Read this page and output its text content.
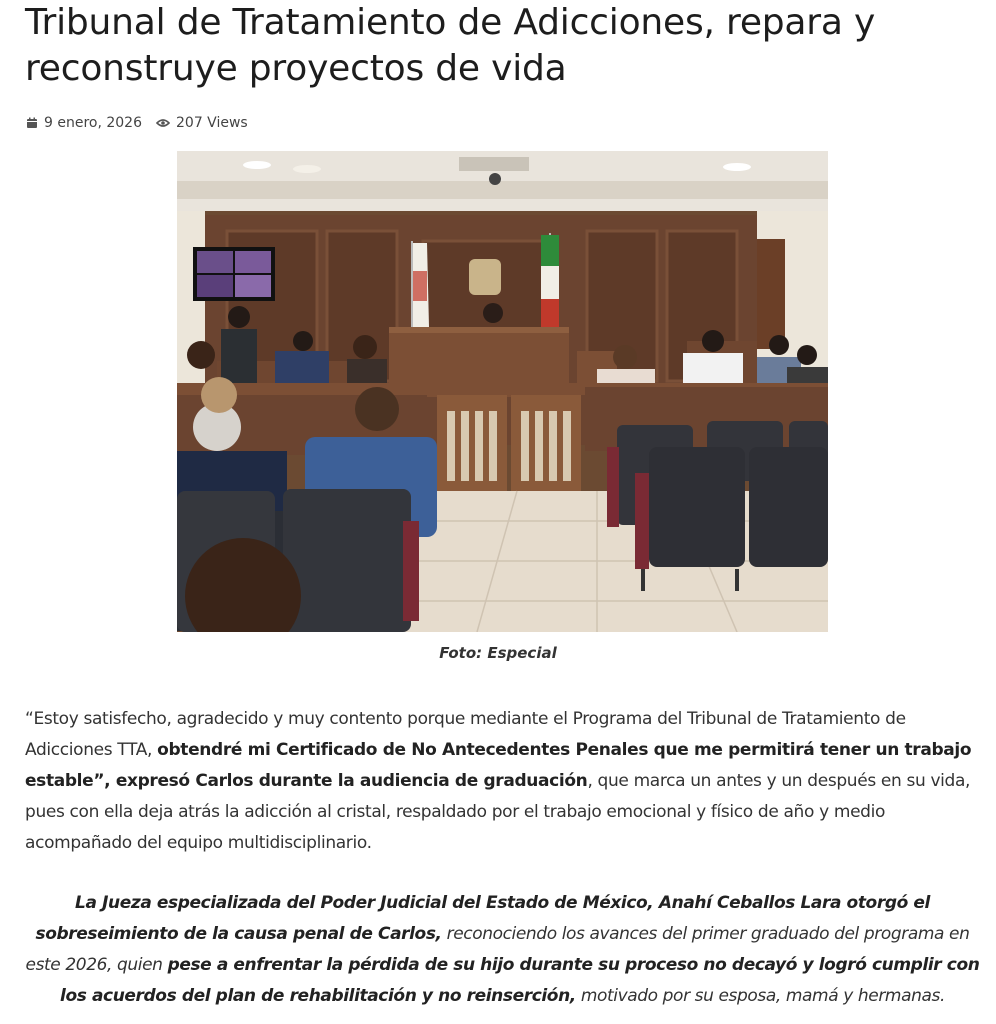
Tribunal de Tratamiento de Adicciones, repara y reconstruye proyectos de vida
9 enero, 2026 207 Views
Foto: Especial

“Estoy satisfecho, agradecido y muy contento porque mediante el Programa del Tribunal de Tratamiento de Adicciones TTA, obtendré mi Certificado de No Antecedentes Penales que me permitirá tener un trabajo estable”, expresó Carlos durante la audiencia de graduación, que marca un antes y un después en su vida, pues con ella deja atrás la adicción al cristal, respaldado por el trabajo emocional y físico de año y medio acompañado del equipo multidisciplinario.

La Jueza especializada del Poder Judicial del Estado de México, Anahí Ceballos Lara otorgó el sobreseimiento de la causa penal de Carlos, reconociendo los avances del primer graduado del programa en este 2026, quien pese a enfrentar la pérdida de su hijo durante su proceso no decayó y logró cumplir con los acuerdos del plan de rehabilitación y no reinserción, motivado por su esposa, mamá y hermanas.
